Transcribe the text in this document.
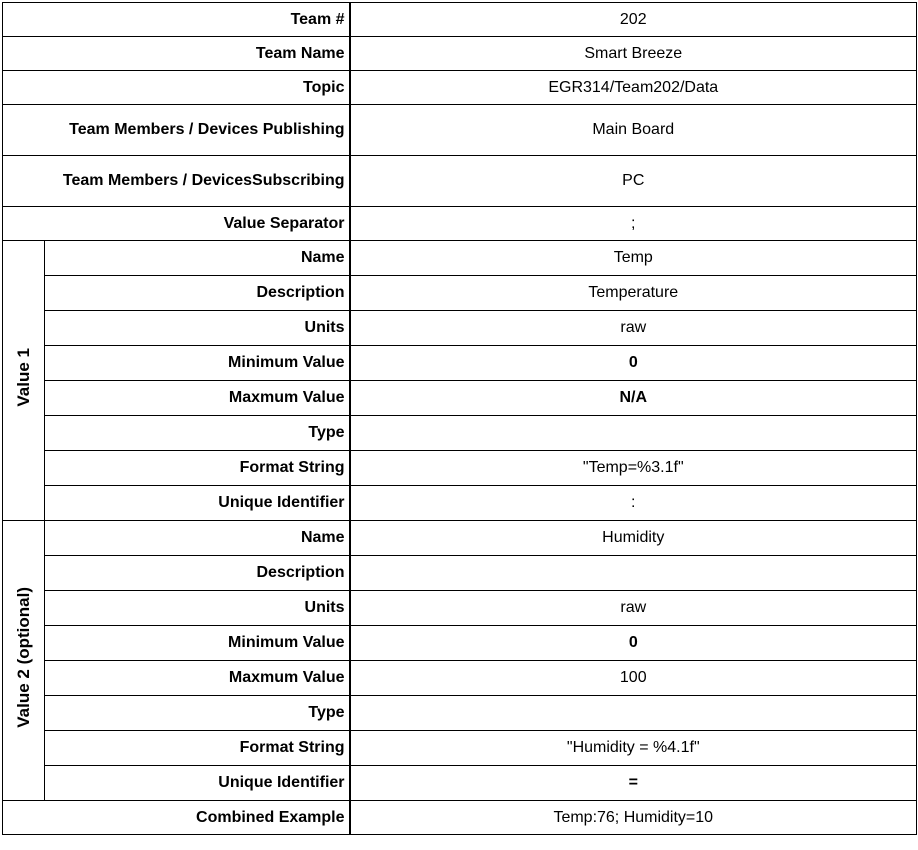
Team #		202
Team Name		Smart Breeze
Topic		EGR314/Team202/Data
Team Members / Devices Publishing		Main Board
Team Members / DevicesSubscribing		PC
Value Separator		;
Value 1	Name	Temp
	Description	Temperature
	Units	raw
	Minimum Value	0
	Maxmum Value	N/A
	Type	
	Format String	"Temp=%3.1f"
	Unique Identifier	:
Value 2 (optional)	Name	Humidity
	Description	
	Units	raw
	Minimum Value	0
	Maxmum Value	100
	Type	
	Format String	"Humidity = %4.1f"
	Unique Identifier	=
Combined Example		Temp:76; Humidity=10
